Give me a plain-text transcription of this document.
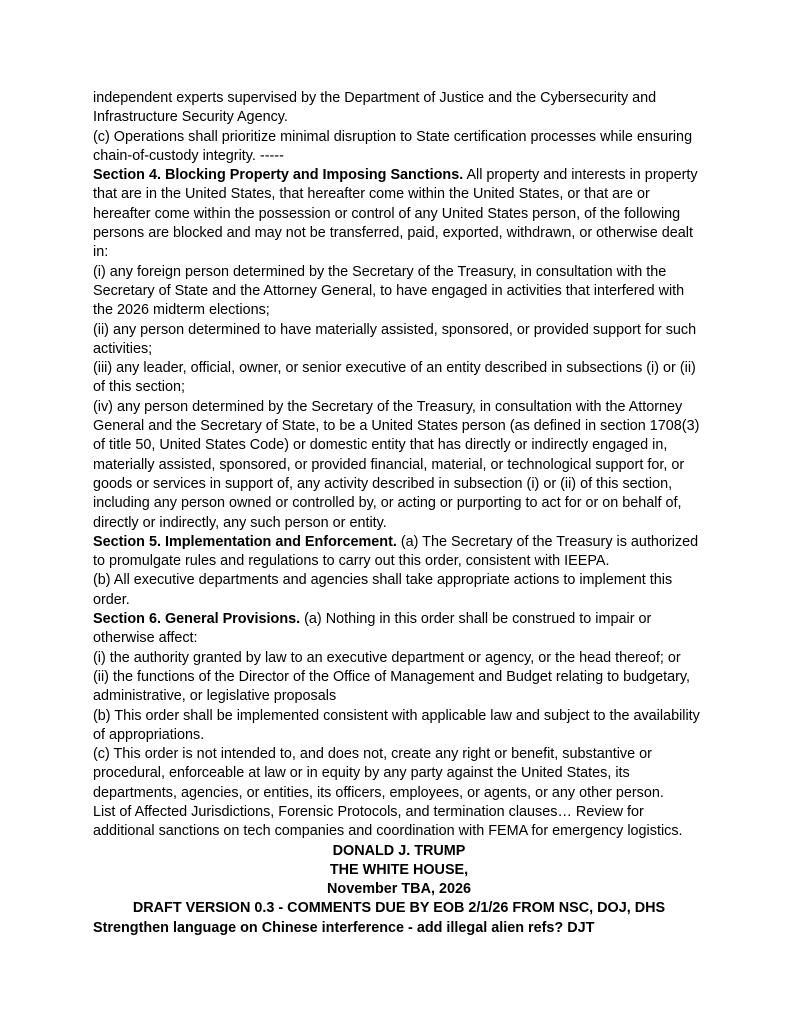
independent experts supervised by the Department of Justice and the Cybersecurity and
Infrastructure Security Agency.
(c) Operations shall prioritize minimal disruption to State certification processes while ensuring
chain-of-custody integrity. -----
Section 4. Blocking Property and Imposing Sanctions. All property and interests in property
that are in the United States, that hereafter come within the United States, or that are or
hereafter come within the possession or control of any United States person, of the following
persons are blocked and may not be transferred, paid, exported, withdrawn, or otherwise dealt
in:
(i) any foreign person determined by the Secretary of the Treasury, in consultation with the
Secretary of State and the Attorney General, to have engaged in activities that interfered with
the 2026 midterm elections;
(ii) any person determined to have materially assisted, sponsored, or provided support for such
activities;
(iii) any leader, official, owner, or senior executive of an entity described in subsections (i) or (ii)
of this section;
(iv) any person determined by the Secretary of the Treasury, in consultation with the Attorney
General and the Secretary of State, to be a United States person (as defined in section 1708(3)
of title 50, United States Code) or domestic entity that has directly or indirectly engaged in,
materially assisted, sponsored, or provided financial, material, or technological support for, or
goods or services in support of, any activity described in subsection (i) or (ii) of this section,
including any person owned or controlled by, or acting or purporting to act for or on behalf of,
directly or indirectly, any such person or entity.
Section 5. Implementation and Enforcement. (a) The Secretary of the Treasury is authorized
to promulgate rules and regulations to carry out this order, consistent with IEEPA.
(b) All executive departments and agencies shall take appropriate actions to implement this
order.
Section 6. General Provisions. (a) Nothing in this order shall be construed to impair or
otherwise affect:
(i) the authority granted by law to an executive department or agency, or the head thereof; or
(ii) the functions of the Director of the Office of Management and Budget relating to budgetary,
administrative, or legislative proposals
(b) This order shall be implemented consistent with applicable law and subject to the availability
of appropriations.
(c) This order is not intended to, and does not, create any right or benefit, substantive or
procedural, enforceable at law or in equity by any party against the United States, its
departments, agencies, or entities, its officers, employees, or agents, or any other person.
List of Affected Jurisdictions, Forensic Protocols, and termination clauses… Review for
additional sanctions on tech companies and coordination with FEMA for emergency logistics.
DONALD J. TRUMP
THE WHITE HOUSE,
November TBA, 2026
DRAFT VERSION 0.3 - COMMENTS DUE BY EOB 2/1/26 FROM NSC, DOJ, DHS
Strengthen language on Chinese interference - add illegal alien refs? DJT
